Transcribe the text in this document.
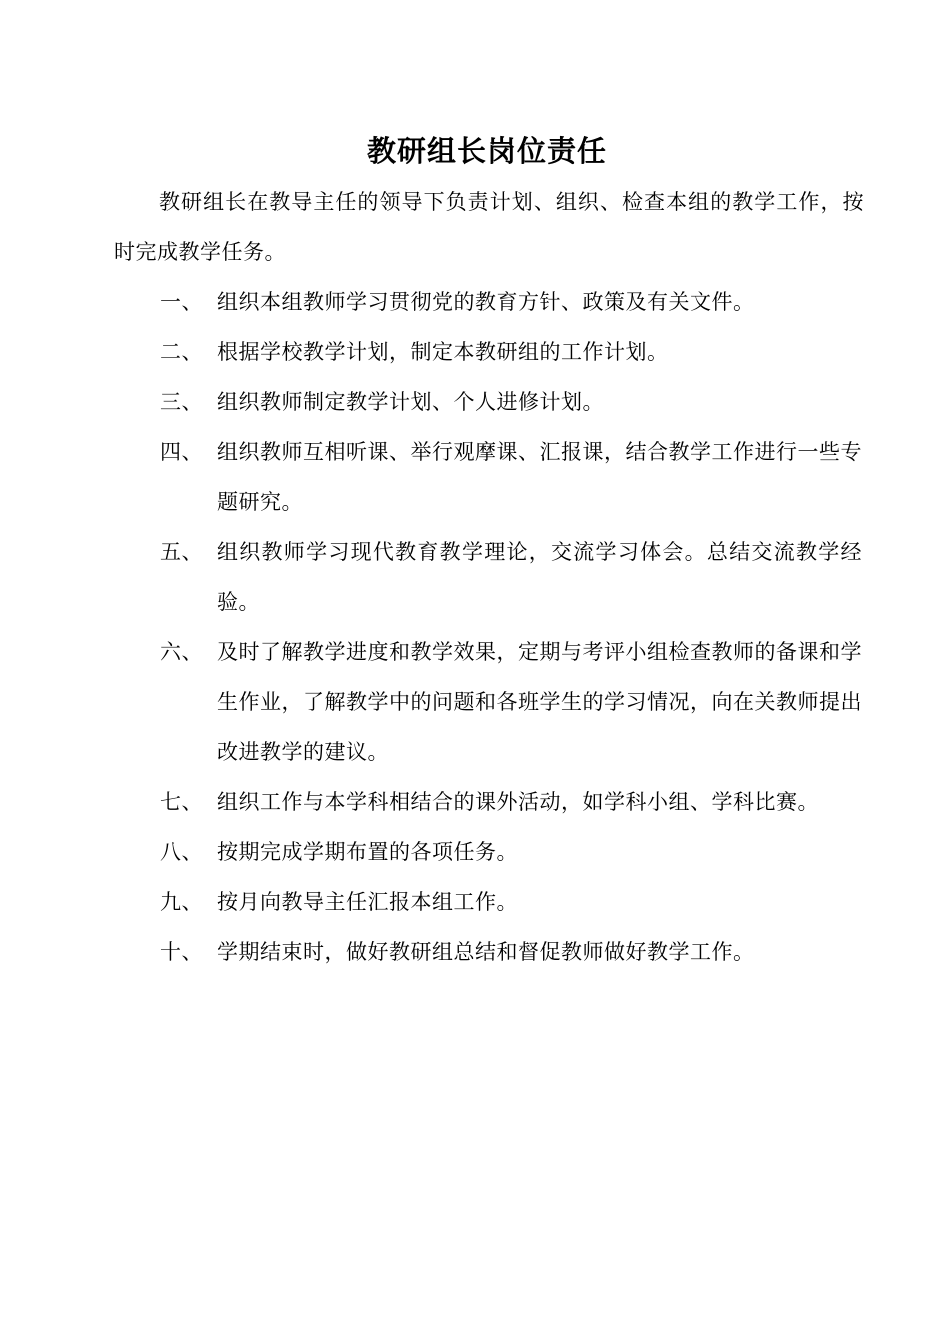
教研组长岗位责任

教研组长在教导主任的领导下负责计划、组织、检查本组的教学工作，按时完成教学任务。

一、 组织本组教师学习贯彻党的教育方针、政策及有关文件。
二、 根据学校教学计划，制定本教研组的工作计划。
三、 组织教师制定教学计划、个人进修计划。
四、 组织教师互相听课、举行观摩课、汇报课，结合教学工作进行一些专题研究。
五、 组织教师学习现代教育教学理论，交流学习体会。总结交流教学经验。
六、 及时了解教学进度和教学效果，定期与考评小组检查教师的备课和学生作业，了解教学中的问题和各班学生的学习情况，向在关教师提出改进教学的建议。
七、 组织工作与本学科相结合的课外活动，如学科小组、学科比赛。
八、 按期完成学期布置的各项任务。
九、 按月向教导主任汇报本组工作。
十、 学期结束时，做好教研组总结和督促教师做好教学工作。
